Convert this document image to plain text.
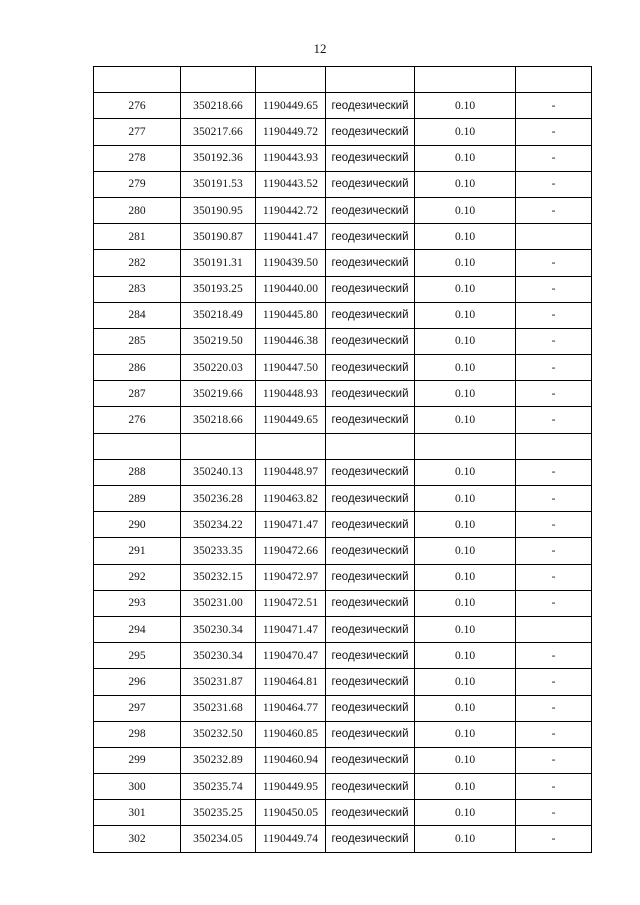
12

276	350218.66	1190449.65	геодезический	0.10	-
277	350217.66	1190449.72	геодезический	0.10	-
278	350192.36	1190443.93	геодезический	0.10	-
279	350191.53	1190443.52	геодезический	0.10	-
280	350190.95	1190442.72	геодезический	0.10	-
281	350190.87	1190441.47	геодезический	0.10	
282	350191.31	1190439.50	геодезический	0.10	-
283	350193.25	1190440.00	геодезический	0.10	-
284	350218.49	1190445.80	геодезический	0.10	-
285	350219.50	1190446.38	геодезический	0.10	-
286	350220.03	1190447.50	геодезический	0.10	-
287	350219.66	1190448.93	геодезический	0.10	-
276	350218.66	1190449.65	геодезический	0.10	-

288	350240.13	1190448.97	геодезический	0.10	-
289	350236.28	1190463.82	геодезический	0.10	-
290	350234.22	1190471.47	геодезический	0.10	-
291	350233.35	1190472.66	геодезический	0.10	-
292	350232.15	1190472.97	геодезический	0.10	-
293	350231.00	1190472.51	геодезический	0.10	-
294	350230.34	1190471.47	геодезический	0.10	
295	350230.34	1190470.47	геодезический	0.10	-
296	350231.87	1190464.81	геодезический	0.10	-
297	350231.68	1190464.77	геодезический	0.10	-
298	350232.50	1190460.85	геодезический	0.10	-
299	350232.89	1190460.94	геодезический	0.10	-
300	350235.74	1190449.95	геодезический	0.10	-
301	350235.25	1190450.05	геодезический	0.10	-
302	350234.05	1190449.74	геодезический	0.10	-
